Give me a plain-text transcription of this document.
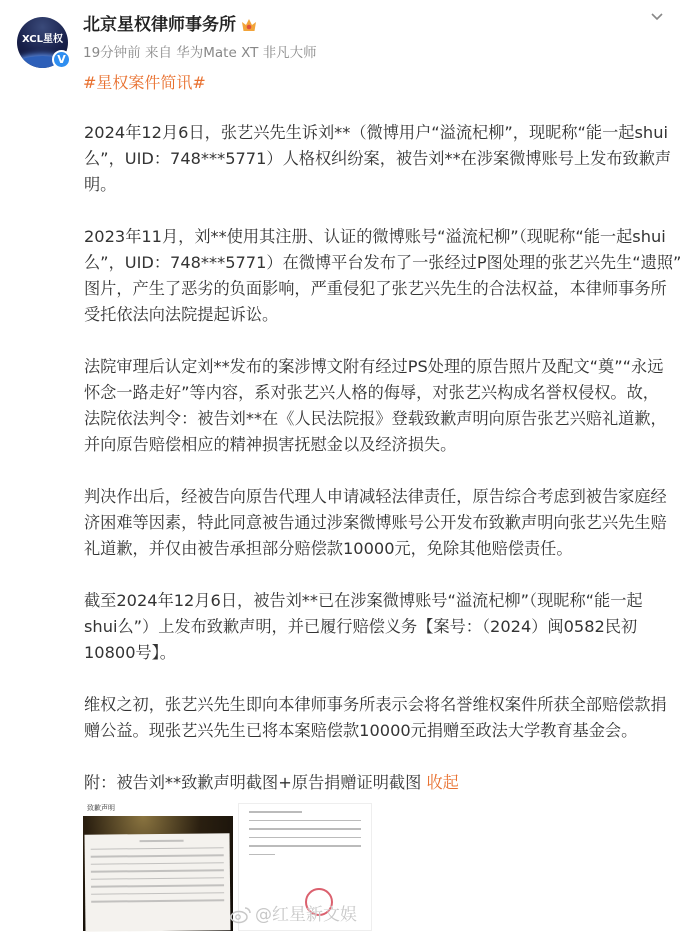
XCL星权
V
北京星权律师事务所
19分钟前 来自 华为Mate XT 非凡大师
#星权案件简讯#
2024年12月6日，张艺兴先生诉刘**（微博用户“溢流杞柳”，现昵称“能一起shui
么”，UID：748***5771）人格权纠纷案，被告刘**在涉案微博账号上发布致歉声
明。
2023年11月，刘**使用其注册、认证的微博账号“溢流杞柳”（现昵称“能一起shui
么”，UID：748***5771）在微博平台发布了一张经过P图处理的张艺兴先生“遗照”
图片，产生了恶劣的负面影响，严重侵犯了张艺兴先生的合法权益，本律师事务所
受托依法向法院提起诉讼。
法院审理后认定刘**发布的案涉博文附有经过PS处理的原告照片及配文“奠”“永远
怀念一路走好”等内容，系对张艺兴人格的侮辱，对张艺兴构成名誉权侵权。故，
法院依法判令：被告刘**在《人民法院报》登载致歉声明向原告张艺兴赔礼道歉，
并向原告赔偿相应的精神损害抚慰金以及经济损失。
判决作出后，经被告向原告代理人申请减轻法律责任，原告综合考虑到被告家庭经
济困难等因素，特此同意被告通过涉案微博账号公开发布致歉声明向张艺兴先生赔
礼道歉，并仅由被告承担部分赔偿款10000元，免除其他赔偿责任。
截至2024年12月6日，被告刘**已在涉案微博账号“溢流杞柳”（现昵称“能一起
shui么”）上发布致歉声明，并已履行赔偿义务【案号：（2024）闽0582民初
10800号】。
维权之初，张艺兴先生即向本律师事务所表示会将名誉维权案件所获全部赔偿款捐
赠公益。现张艺兴先生已将本案赔偿款10000元捐赠至政法大学教育基金会。
附：被告刘**致歉声明截图+原告捐赠证明截图 收起
致歉声明
@红星新文娱
